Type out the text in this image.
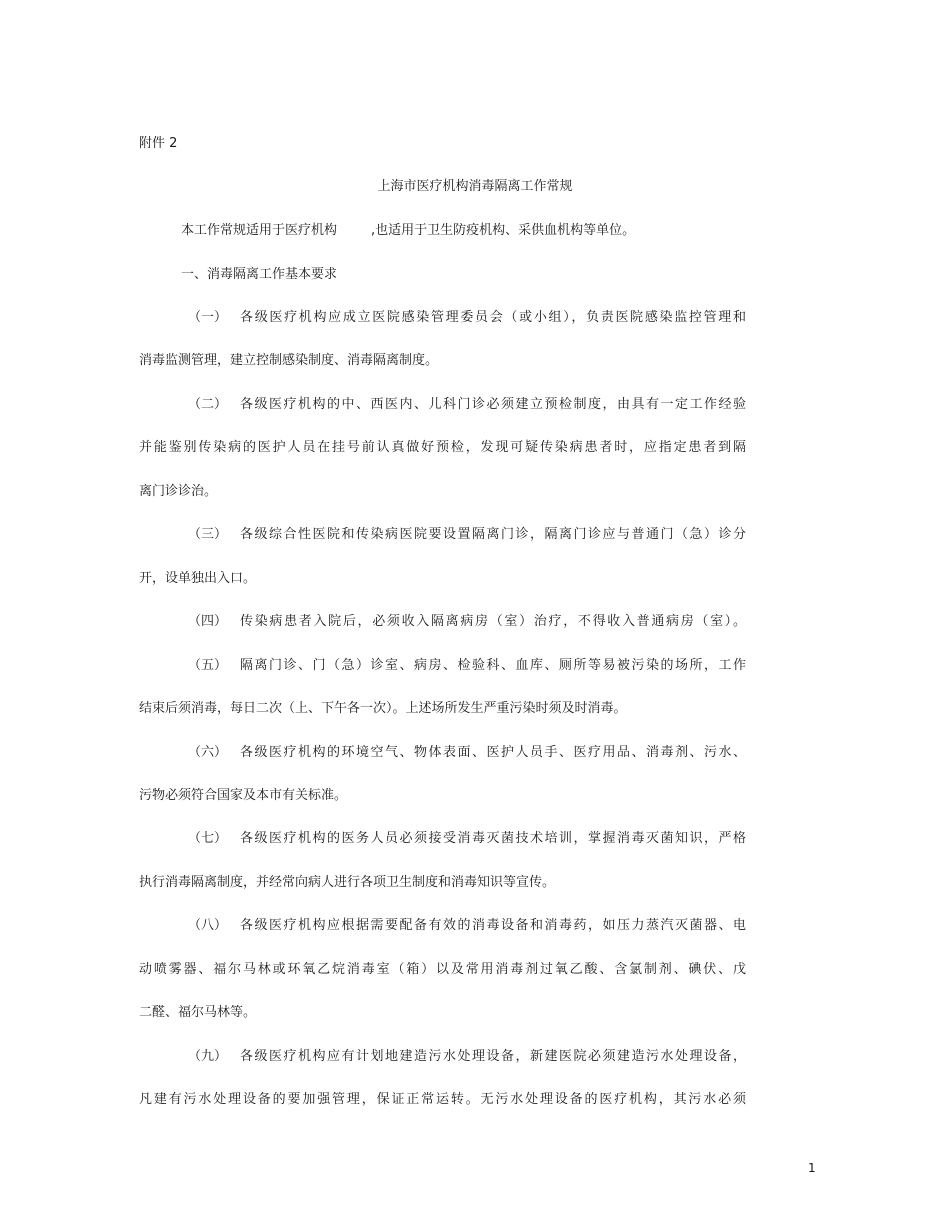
附件 2
上海市医疗机构消毒隔离工作常规
本工作常规适用于医疗机构	,也适用于卫生防疫机构、采供血机构等单位。
一、消毒隔离工作基本要求
（一） 各级医疗机构应成立医院感染管理委员会（或小组），负责医院感染监控管理和
消毒监测管理，建立控制感染制度、消毒隔离制度。
（二） 各级医疗机构的中、西医内、儿科门诊必须建立预检制度，由具有一定工作经验
并能鉴别传染病的医护人员在挂号前认真做好预检，发现可疑传染病患者时，应指定患者到隔
离门诊诊治。
（三） 各级综合性医院和传染病医院要设置隔离门诊，隔离门诊应与普通门（急）诊分
开，设单独出入口。
（四） 传染病患者入院后，必须收入隔离病房（室）治疗，不得收入普通病房（室）。
（五） 隔离门诊、门（急）诊室、病房、检验科、血库、厕所等易被污染的场所，工作
结束后须消毒，每日二次（上、下午各一次）。上述场所发生严重污染时须及时消毒。
（六） 各级医疗机构的环境空气、物体表面、医护人员手、医疗用品、消毒剂、污水、
污物必须符合国家及本市有关标准。
（七） 各级医疗机构的医务人员必须接受消毒灭菌技术培训，掌握消毒灭菌知识，严格
执行消毒隔离制度，并经常向病人进行各项卫生制度和消毒知识等宣传。
（八） 各级医疗机构应根据需要配备有效的消毒设备和消毒药，如压力蒸汽灭菌器、电
动喷雾器、福尔马林或环氧乙烷消毒室（箱）以及常用消毒剂过氧乙酸、含氯制剂、碘伏、戊
二醛、福尔马林等。
（九） 各级医疗机构应有计划地建造污水处理设备，新建医院必须建造污水处理设备，
凡建有污水处理设备的要加强管理，保证正常运转。无污水处理设备的医疗机构，其污水必须
1
